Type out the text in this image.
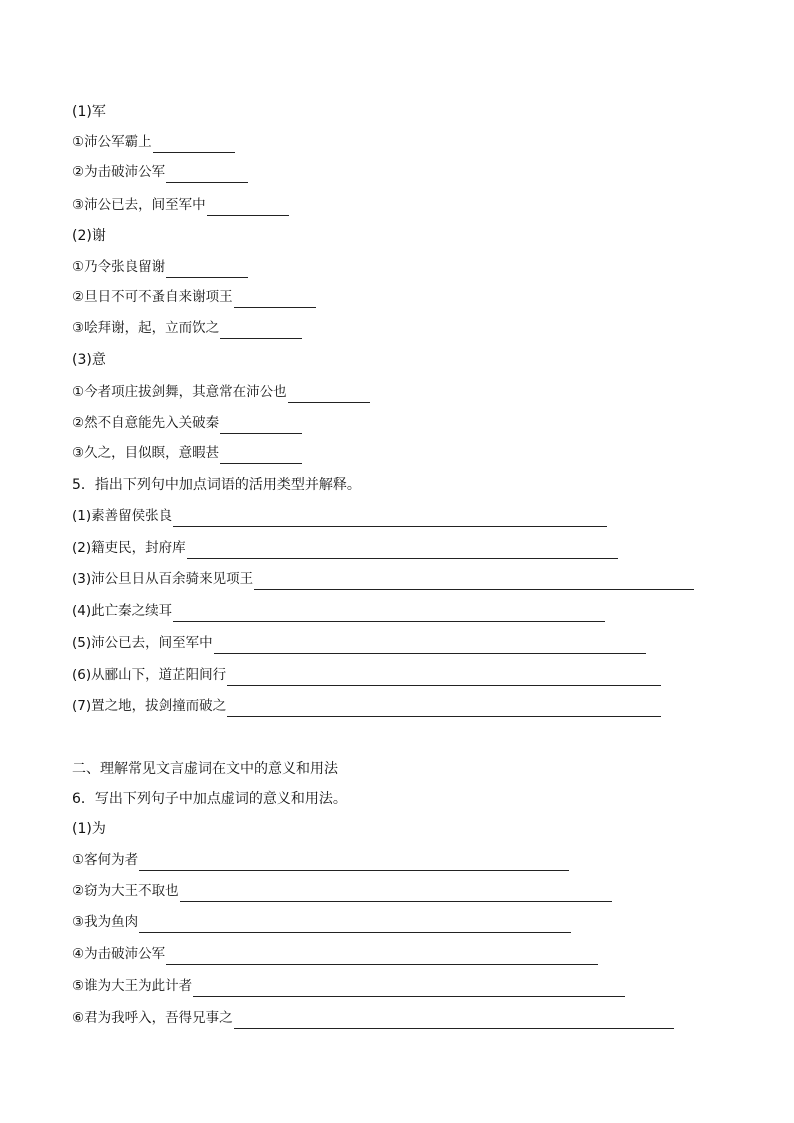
(1)军
①沛公军霸上
②为击破沛公军
③沛公已去，间至军中
(2)谢
①乃令张良留谢
②旦日不可不蚤自来谢项王
③哙拜谢，起，立而饮之
(3)意
①今者项庄拔剑舞，其意常在沛公也
②然不自意能先入关破秦
③久之，目似瞑，意暇甚
5．指出下列句中加点词语的活用类型并解释。
(1)素善留侯张良
(2)籍吏民，封府库
(3)沛公旦日从百余骑来见项王
(4)此亡秦之续耳
(5)沛公已去，间至军中
(6)从郦山下，道芷阳间行
(7)置之地，拔剑撞而破之
二、理解常见文言虚词在文中的意义和用法
6．写出下列句子中加点虚词的意义和用法。
(1)为
①客何为者
②窃为大王不取也
③我为鱼肉
④为击破沛公军
⑤谁为大王为此计者
⑥君为我呼入，吾得兄事之
